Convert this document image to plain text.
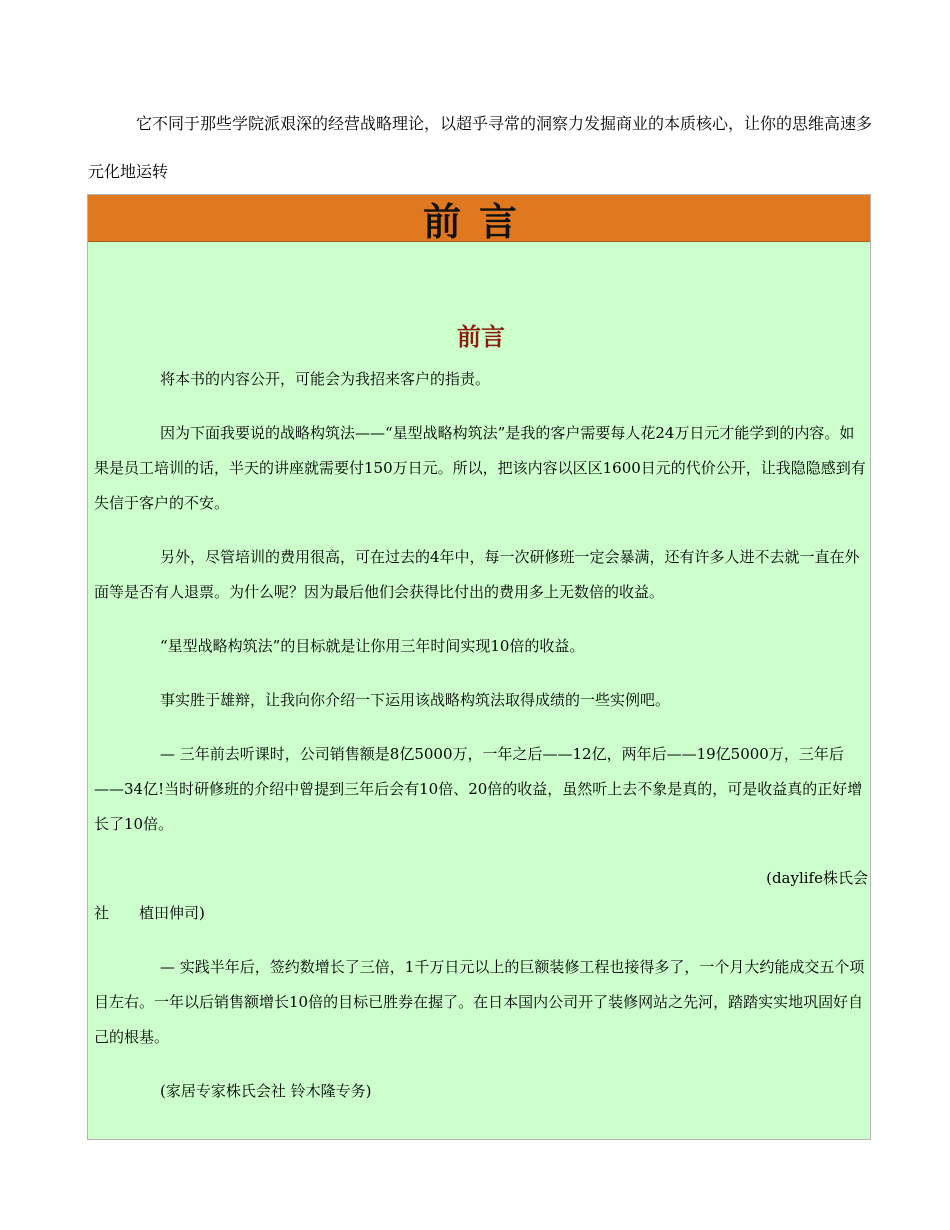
它不同于那些学院派艰深的经营战略理论，以超乎寻常的洞察力发掘商业的本质核心，让你的思维高速多元化地运转

前言
前言

将本书的内容公开，可能会为我招来客户的指责。

因为下面我要说的战略构筑法——“星型战略构筑法”是我的客户需要每人花24万日元才能学到的内容。如果是员工培训的话，半天的讲座就需要付150万日元。所以，把该内容以区区1600日元的代价公开，让我隐隐感到有失信于客户的不安。

另外，尽管培训的费用很高，可在过去的4年中，每一次研修班一定会暴满，还有许多人进不去就一直在外面等是否有人退票。为什么呢？因为最后他们会获得比付出的费用多上无数倍的收益。

“星型战略构筑法”的目标就是让你用三年时间实现10倍的收益。

事实胜于雄辩，让我向你介绍一下运用该战略构筑法取得成绩的一些实例吧。

— 三年前去听课时，公司销售额是8亿5000万，一年之后——12亿，两年后——19亿5000万，三年后——34亿!当时研修班的介绍中曾提到三年后会有10倍、20倍的收益，虽然听上去不象是真的，可是收益真的正好增长了10倍。

(daylife株氏会

社 植田伸司)

— 实践半年后，签约数增长了三倍，1千万日元以上的巨额装修工程也接得多了，一个月大约能成交五个项目左右。一年以后销售额增长10倍的目标已胜券在握了。在日本国内公司开了装修网站之先河，踏踏实实地巩固好自己的根基。

(家居专家株氏会社 铃木隆专务)
